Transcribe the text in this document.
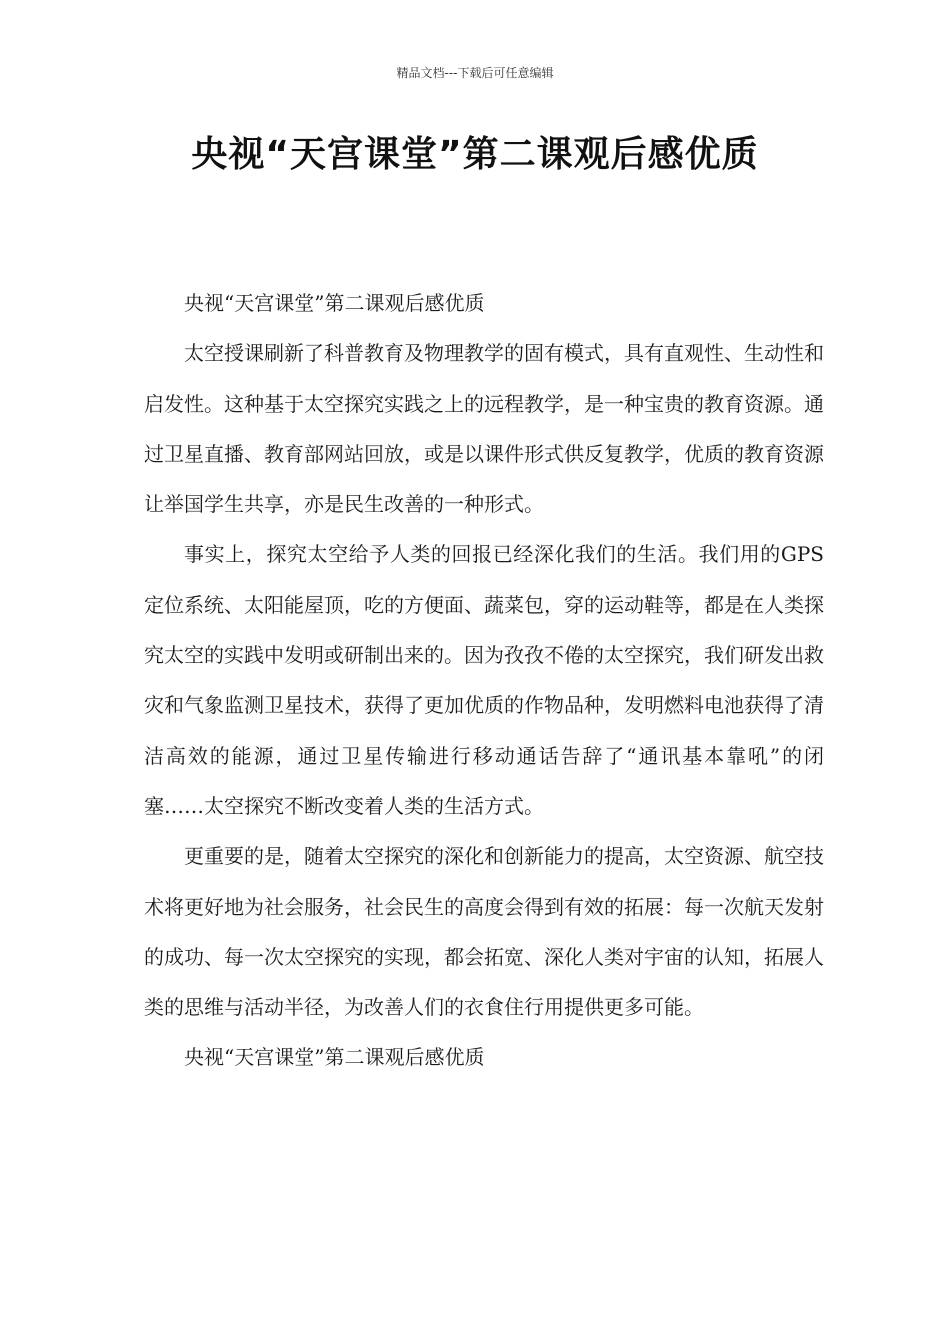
精品文档---下载后可任意编辑
央视“天宫课堂”第二课观后感优质

央视“天宫课堂”第二课观后感优质

太空授课刷新了科普教育及物理教学的固有模式，具有直观性、生动性和启发性。这种基于太空探究实践之上的远程教学，是一种宝贵的教育资源。通过卫星直播、教育部网站回放，或是以课件形式供反复教学，优质的教育资源让举国学生共享，亦是民生改善的一种形式。

事实上，探究太空给予人类的回报已经深化我们的生活。我们用的GPS定位系统、太阳能屋顶，吃的方便面、蔬菜包，穿的运动鞋等，都是在人类探究太空的实践中发明或研制出来的。因为孜孜不倦的太空探究，我们研发出救灾和气象监测卫星技术，获得了更加优质的作物品种，发明燃料电池获得了清洁高效的能源，通过卫星传输进行移动通话告辞了“通讯基本靠吼”的闭塞……太空探究不断改变着人类的生活方式。

更重要的是，随着太空探究的深化和创新能力的提高，太空资源、航空技术将更好地为社会服务，社会民生的高度会得到有效的拓展：每一次航天发射的成功、每一次太空探究的实现，都会拓宽、深化人类对宇宙的认知，拓展人类的思维与活动半径，为改善人们的衣食住行用提供更多可能。

央视“天宫课堂”第二课观后感优质
